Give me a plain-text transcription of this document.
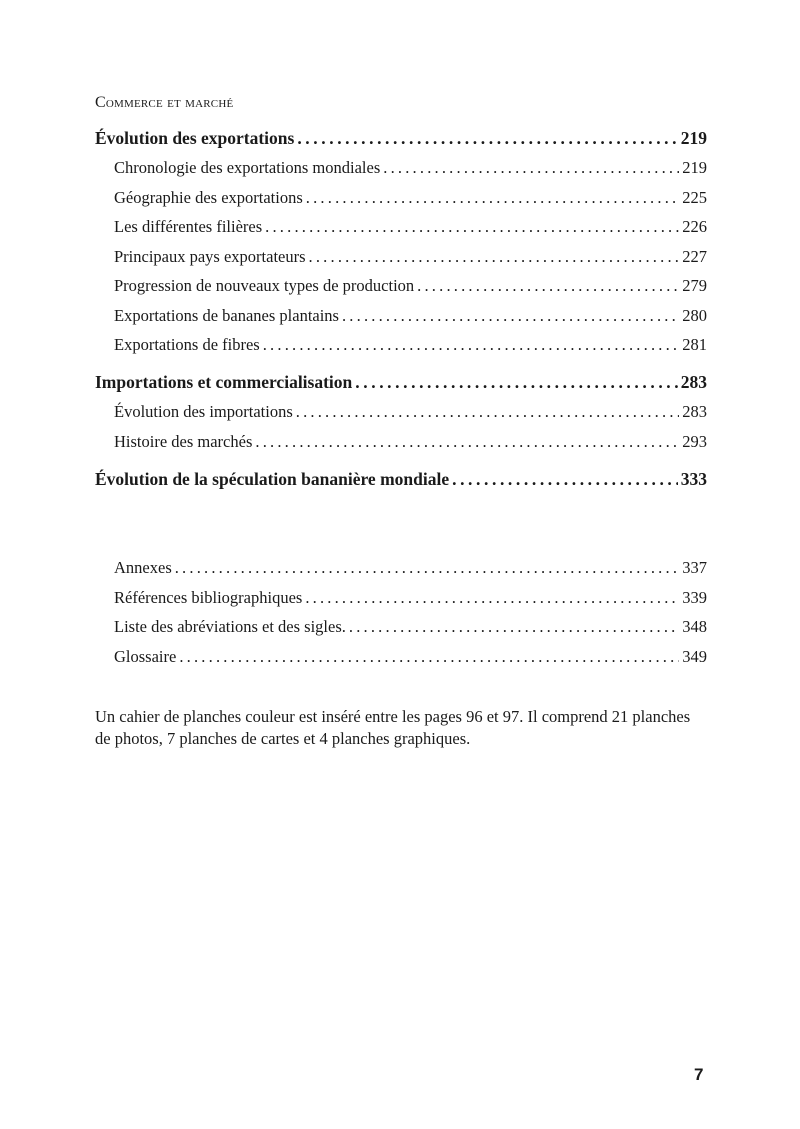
Commerce et marché
Évolution des exportations .....	219
Chronologie des exportations mondiales .....	219
Géographie des exportations .....	225
Les différentes filières .....	226
Principaux pays exportateurs .....	227
Progression de nouveaux types de production .....	279
Exportations de bananes plantains .....	280
Exportations de fibres .....	281
Importations et commercialisation .....	283
Évolution des importations .....	283
Histoire des marchés .....	293
Évolution de la spéculation bananière mondiale .....	333
Annexes .....	337
Références bibliographiques .....	339
Liste des abréviations et des sigles. .....	348
Glossaire .....	349

Un cahier de planches couleur est inséré entre les pages 96 et 97. Il comprend 21 planches de photos, 7 planches de cartes et 4 planches graphiques.

7
